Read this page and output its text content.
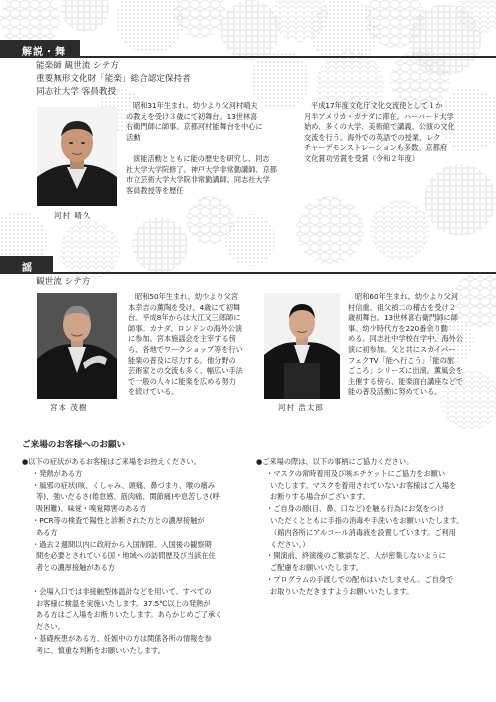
解説・舞
能楽師 観世流 シテ方
重要無形文化財「能楽」総合認定保持者
同志社大学 客員教授
河村 晴久
昭和31年生まれ。幼少より父河村晴夫
の教えを受け３歳にて初舞台。13世林喜
右衛門師に師事。京都河村能舞台を中心に
活動
演能活動とともに能の歴史を研究し、同志
社大学大学院修了。神戸大学非常勤講師、京都
市立芸術大学大学院非常勤講師、同志社大学
客員教授等を歴任
平成17年度文化庁文化交流使として１か
月半アメリカ・カナダに滞在。ハーバード大学
始め、多くの大学、美術館で講義、公演の文化
交流を行う。海外での英語での授業、レク
チャーデモンストレーションも多数。京都府
文化賞功労賞を受賞（令和２年度）
謡
観世流 シテ方
宮本 茂樹
昭和50年生まれ。幼少より父宮
本幸吉の薫陶を受け、4歳にて初舞
台。平成8年からは大江又三郎師に
師事。カナダ、ロンドンの海外公演
に参加。宮本施謡会を主宰する傍
ら、各地でワークショップ等を行い
能楽の普及に尽力する。他分野の
芸術家との交流も多く、幅広い手法
で一般の人々に能楽を広める努力
を続けている。
河村 浩太郎
昭和60年生まれ。幼少より父河
村信重、祖父禎二の稽古を受け２
歳初舞台。13世林喜右衛門師に師
事。幼少時代方を220番余り勤
める。同志社中学校在学中、海外公
演に初参加。父と共にスカイパー
フェクTV「能へ行こう」「能の旅
ごころ」シリーズに出演。薫風会を
主催する傍ら、能楽面白講座などで
能の普及活動に努めている。
ご来場のお客様へのお願い
●以下の症状があるお客様はご来場をお控えください。
・発熱がある方
・風邪の症状(咳、くしゃみ、頭痛、鼻づまり、喉の痛み
等)、強いだるさ(倦怠感、筋肉痛、関節痛)や息苦しさ(呼
吸困難)、味覚・嗅覚障害のある方
・PCR等の検査で陽性と診断された方との濃厚接触が
ある方
・過去２週間以内に政府から入国制限、入国後の観察期
間を必要とされている国・地域への訪問歴及び当該在住
者との濃厚接触がある方
・会場入口では非接触型体温計などを用いて、すべての
お客様に検温を実施いたします。37.5℃以上の発熱が
ある方はご入場をお断りいたします。あらかじめご了承く
ださい。
・基礎疾患がある方、妊娠中の方は関係各所の情報を参
考に、慎重な判断をお願いいたします。
●ご来場の際は、以下の事柄にご協力ください。
・マスクの常時着用及び咳エチケットにご協力をお願い
いたします。マスクを着用されていないお客様はご入場を
お断りする場合がございます。
・ご自身の顔(目、鼻、口など)を触る行為にお気をつけ
いただくとともに手指の消毒や手洗いをお願いいたします。
（館内各所にアルコール消毒液を設置しています。ご利用
ください。）
・開演前、終演後のご歓談など、人が密集しないように
ご配慮をお願いいたします。
・プログラムの手渡しでの配布はいたしません。ご自身で
お取りいただきますようお願いいたします。
